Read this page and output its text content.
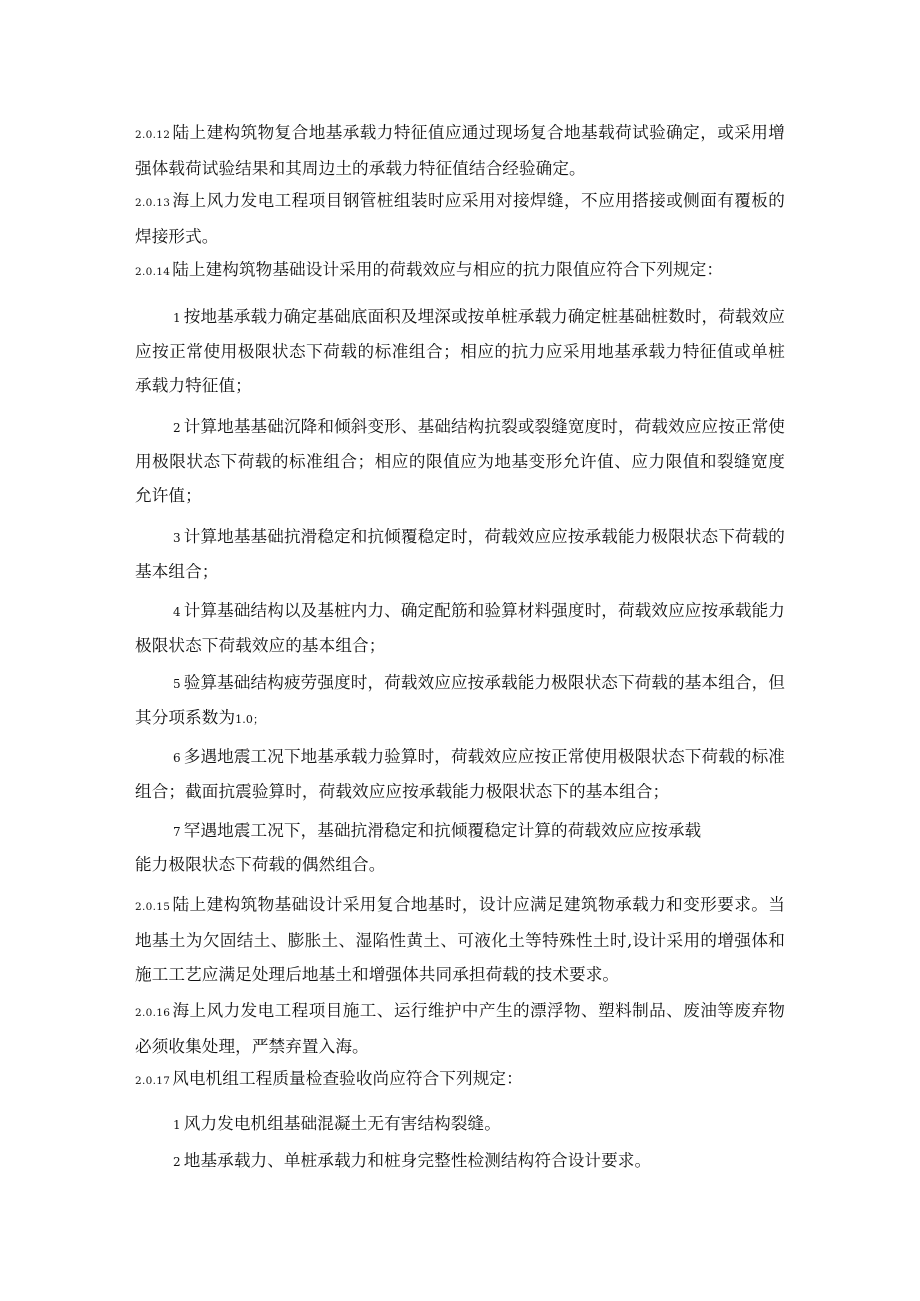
2.0.12 陆上建构筑物复合地基承载力特征值应通过现场复合地基载荷试验确定，或采用增强体载荷试验结果和其周边土的承载力特征值结合经验确定。
2.0.13 海上风力发电工程项目钢管桩组装时应采用对接焊缝，不应用搭接或侧面有覆板的焊接形式。
2.0.14 陆上建构筑物基础设计采用的荷载效应与相应的抗力限值应符合下列规定：
1 按地基承载力确定基础底面积及埋深或按单桩承载力确定桩基础桩数时，荷载效应应按正常使用极限状态下荷载的标准组合；相应的抗力应采用地基承载力特征值或单桩承载力特征值；
2 计算地基基础沉降和倾斜变形、基础结构抗裂或裂缝宽度时，荷载效应应按正常使用极限状态下荷载的标准组合；相应的限值应为地基变形允许值、应力限值和裂缝宽度允许值；
3 计算地基基础抗滑稳定和抗倾覆稳定时，荷载效应应按承载能力极限状态下荷载的基本组合；
4 计算基础结构以及基桩内力、确定配筋和验算材料强度时，荷载效应应按承载能力极限状态下荷载效应的基本组合；
5 验算基础结构疲劳强度时，荷载效应应按承载能力极限状态下荷载的基本组合，但其分项系数为1.0；
6 多遇地震工况下地基承载力验算时，荷载效应应按正常使用极限状态下荷载的标准组合；截面抗震验算时，荷载效应应按承载能力极限状态下的基本组合；
7 罕遇地震工况下，基础抗滑稳定和抗倾覆稳定计算的荷载效应应按承载
能力极限状态下荷载的偶然组合。
2.0.15 陆上建构筑物基础设计采用复合地基时，设计应满足建筑物承载力和变形要求。当地基土为欠固结土、膨胀土、湿陷性黄土、可液化土等特殊性土时,设计采用的增强体和施工工艺应满足处理后地基土和增强体共同承担荷载的技术要求。
2.0.16 海上风力发电工程项目施工、运行维护中产生的漂浮物、塑料制品、废油等废弃物必须收集处理，严禁弃置入海。
2.0.17 风电机组工程质量检查验收尚应符合下列规定：
1 风力发电机组基础混凝土无有害结构裂缝。
2 地基承载力、单桩承载力和桩身完整性检测结构符合设计要求。
